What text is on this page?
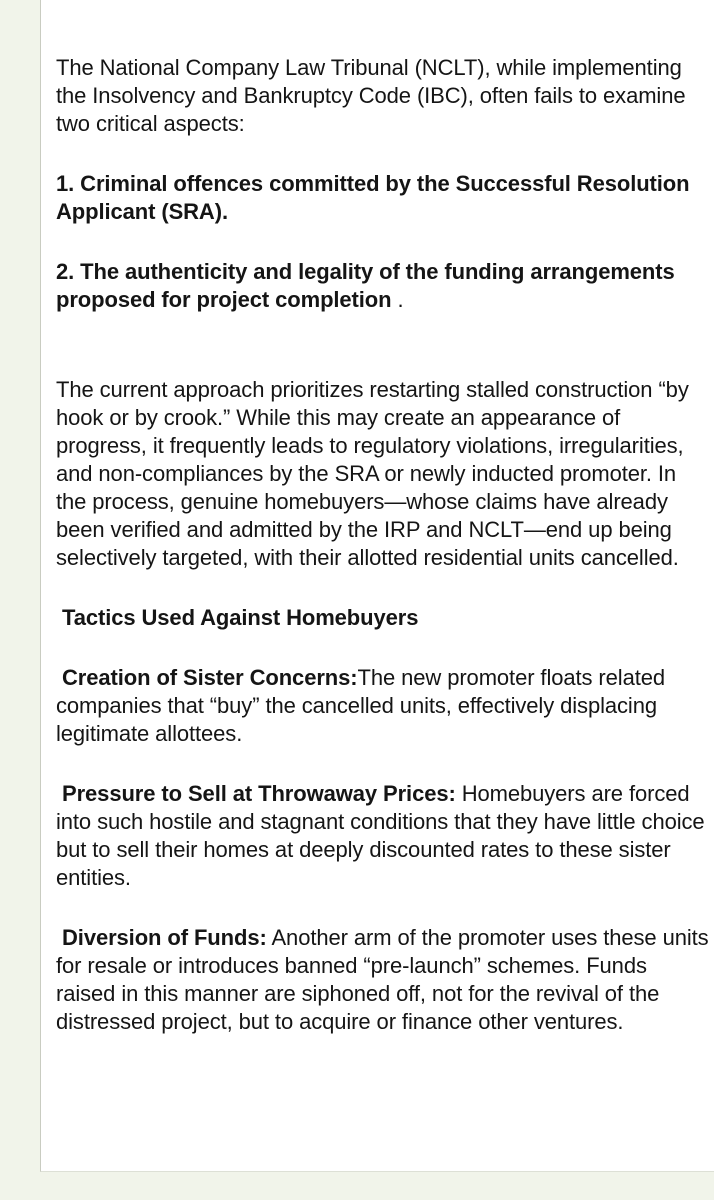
The National Company Law Tribunal (NCLT), while implementing the Insolvency and Bankruptcy Code (IBC), often fails to examine two critical aspects:

1. Criminal offences committed by the Successful Resolution Applicant (SRA).

2. The authenticity and legality of the funding arrangements proposed for project completion .

The current approach prioritizes restarting stalled construction “by hook or by crook.” While this may create an appearance of progress, it frequently leads to regulatory violations, irregularities, and non-compliances by the SRA or newly inducted promoter. In the process, genuine homebuyers—whose claims have already been verified and admitted by the IRP and NCLT—end up being selectively targeted, with their allotted residential units cancelled.

Tactics Used Against Homebuyers

Creation of Sister Concerns:The new promoter floats related companies that “buy” the cancelled units, effectively displacing legitimate allottees.

Pressure to Sell at Throwaway Prices: Homebuyers are forced into such hostile and stagnant conditions that they have little choice but to sell their homes at deeply discounted rates to these sister entities.

Diversion of Funds: Another arm of the promoter uses these units for resale or introduces banned “pre-launch” schemes. Funds raised in this manner are siphoned off, not for the revival of the distressed project, but to acquire or finance other ventures.
